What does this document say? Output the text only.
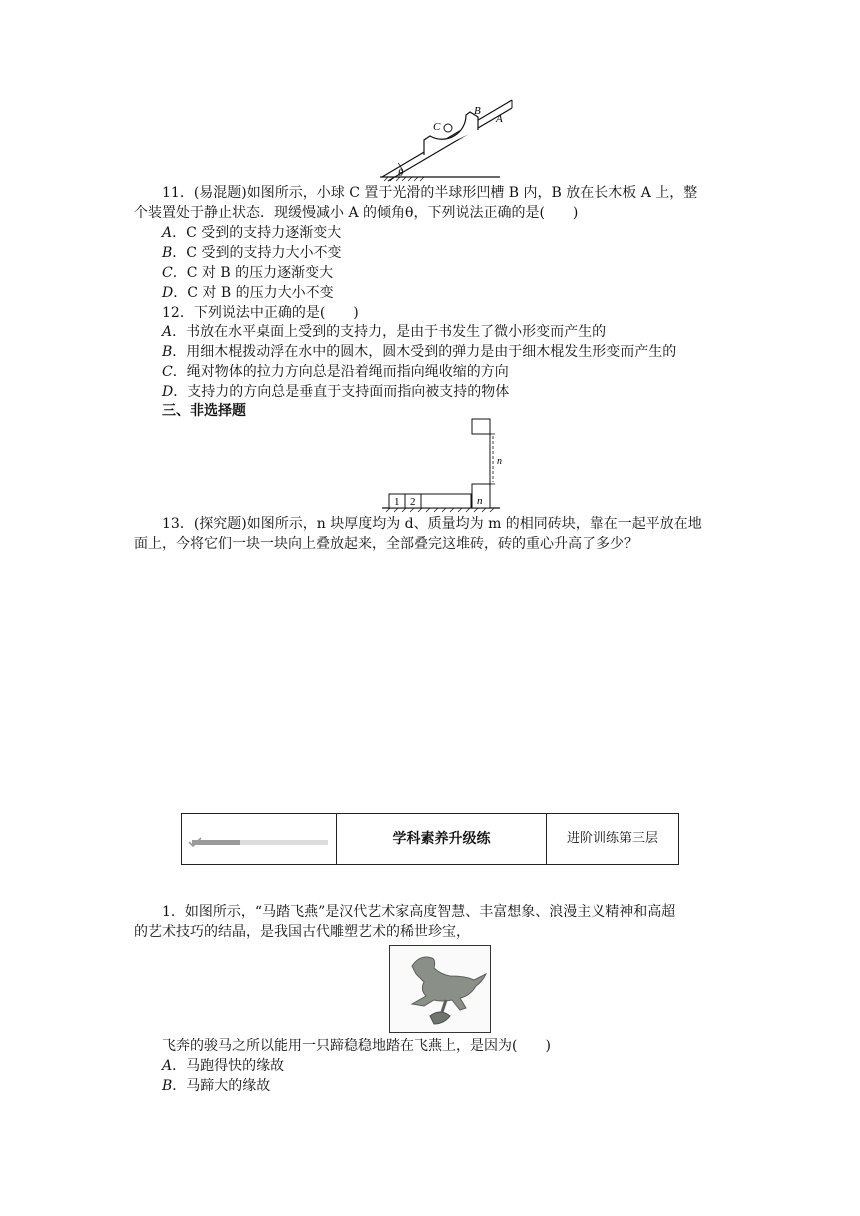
C
B
A
θ
11．(易混题)如图所示，小球 C 置于光滑的半球形凹槽 B 内，B 放在长木板 A 上，整
个装置处于静止状态．现缓慢减小 A 的倾角θ，下列说法正确的是(　　)
A．C 受到的支持力逐渐变大
B．C 受到的支持力大小不变
C．C 对 B 的压力逐渐变大
D．C 对 B 的压力大小不变
12．下列说法中正确的是(　　)
A．书放在水平桌面上受到的支持力，是由于书发生了微小形变而产生的
B．用细木棍拨动浮在水中的圆木，圆木受到的弹力是由于细木棍发生形变而产生的
C．绳对物体的拉力方向总是沿着绳而指向绳收缩的方向
D．支持力的方向总是垂直于支持面而指向被支持的物体
三、非选择题
1 2	n
n
13．(探究题)如图所示，n 块厚度均为 d、质量均为 m 的相同砖块，靠在一起平放在地
面上，今将它们一块一块向上叠放起来，全部叠完这堆砖，砖的重心升高了多少？
学科素养升级练	进阶训练第三层
1．如图所示，“马踏飞燕”是汉代艺术家高度智慧、丰富想象、浪漫主义精神和高超
的艺术技巧的结晶，是我国古代雕塑艺术的稀世珍宝，
飞奔的骏马之所以能用一只蹄稳稳地踏在飞燕上，是因为(　　)
A．马跑得快的缘故
B．马蹄大的缘故
